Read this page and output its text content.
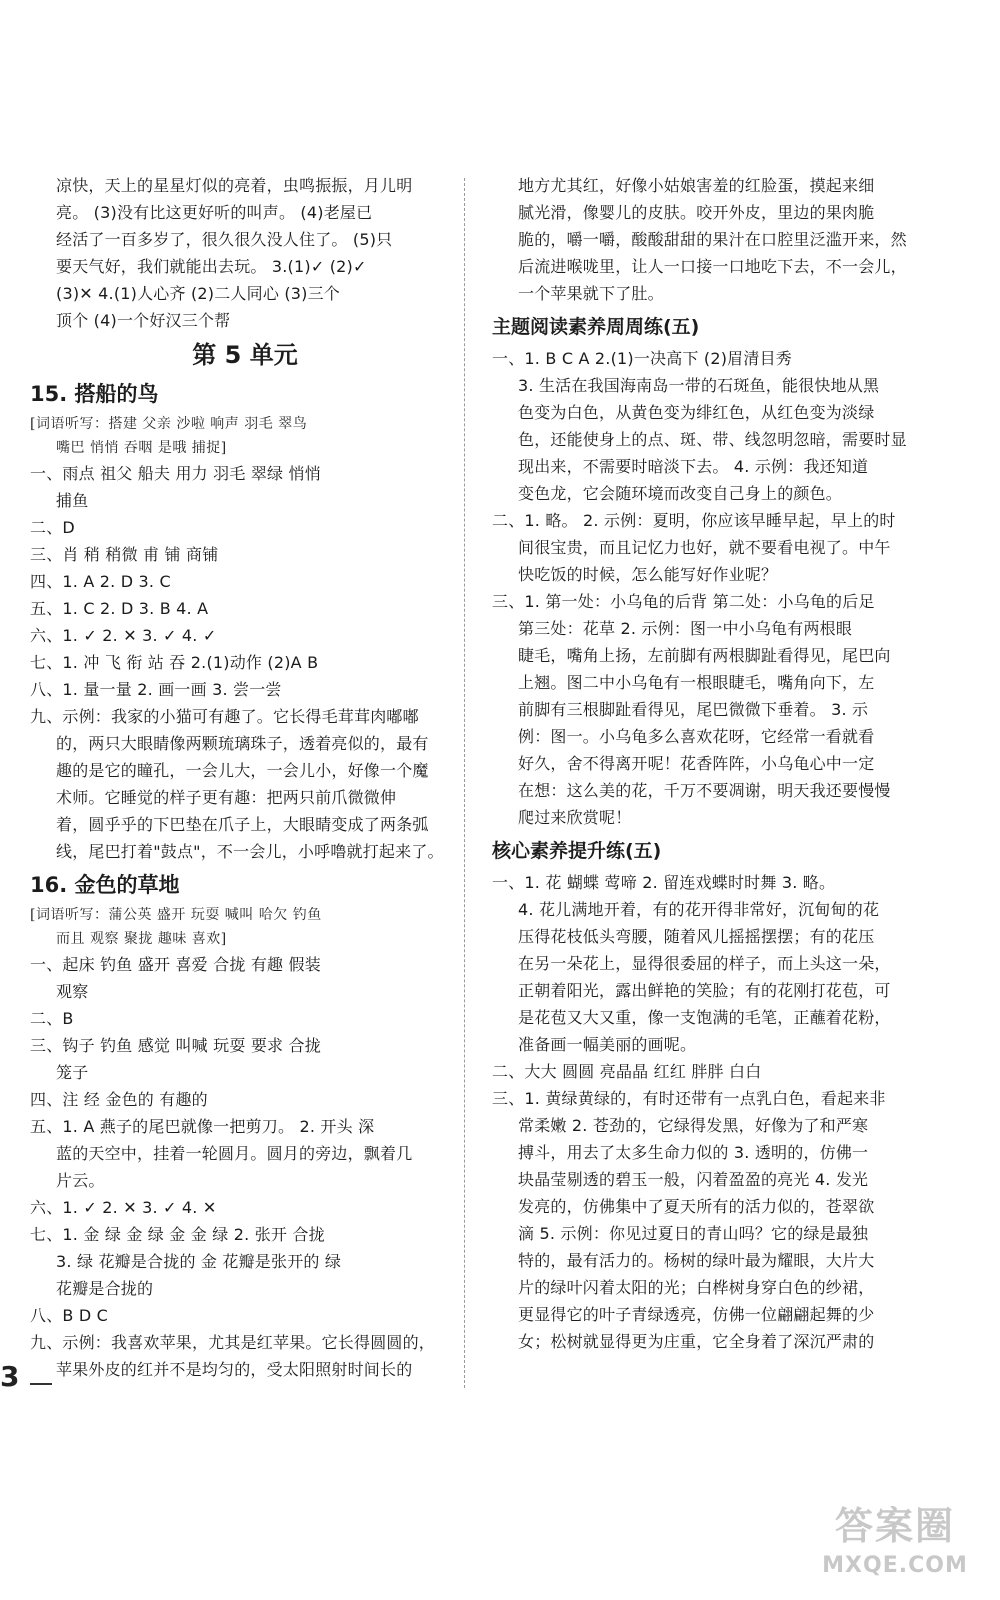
凉快，天上的星星灯似的亮着，虫鸣振振，月儿明
亮。 (3)没有比这更好听的叫声。 (4)老屋已
经活了一百多岁了，很久很久没人住了。 (5)只
要天气好，我们就能出去玩。 3.(1)✓ (2)✓
(3)✕ 4.(1)人心齐 (2)二人同心 (3)三个
顶个 (4)一个好汉三个帮
第 5 单元
15. 搭船的鸟
[词语听写：搭建 父亲 沙啦 响声 羽毛 翠鸟
嘴巴 悄悄 吞咽 是哦 捕捉]
一、雨点 祖父 船夫 用力 羽毛 翠绿 悄悄
捕鱼
二、D
三、肖 稍 稍微 甫 铺 商铺
四、1. A 2. D 3. C
五、1. C 2. D 3. B 4. A
六、1. ✓ 2. ✕ 3. ✓ 4. ✓
七、1. 冲 飞 衔 站 吞 2.(1)动作 (2)A B
八、1. 量一量 2. 画一画 3. 尝一尝
九、示例：我家的小猫可有趣了。它长得毛茸茸肉嘟嘟
的，两只大眼睛像两颗琉璃珠子，透着亮似的，最有
趣的是它的瞳孔，一会儿大，一会儿小，好像一个魔
术师。它睡觉的样子更有趣：把两只前爪微微伸
着，圆乎乎的下巴垫在爪子上，大眼睛变成了两条弧
线，尾巴打着"鼓点"，不一会儿，小呼噜就打起来了。
16. 金色的草地
[词语听写：蒲公英 盛开 玩耍 喊叫 哈欠 钓鱼
而且 观察 聚拢 趣味 喜欢]
一、起床 钓鱼 盛开 喜爱 合拢 有趣 假装
观察
二、B
三、钩子 钓鱼 感觉 叫喊 玩耍 要求 合拢
笼子
四、注 经 金色的 有趣的
五、1. A 燕子的尾巴就像一把剪刀。 2. 开头 深
蓝的天空中，挂着一轮圆月。圆月的旁边，飘着几
片云。
六、1. ✓ 2. ✕ 3. ✓ 4. ✕
七、1. 金 绿 金 绿 金 金 绿 2. 张开 合拢
3. 绿 花瓣是合拢的 金 花瓣是张开的 绿
花瓣是合拢的
八、B D C
九、示例：我喜欢苹果，尤其是红苹果。它长得圆圆的，
苹果外皮的红并不是均匀的，受太阳照射时间长的
地方尤其红，好像小姑娘害羞的红脸蛋，摸起来细
腻光滑，像婴儿的皮肤。咬开外皮，里边的果肉脆
脆的，嚼一嚼，酸酸甜甜的果汁在口腔里泛滥开来，然
后流进喉咙里，让人一口接一口地吃下去，不一会儿，
一个苹果就下了肚。
主题阅读素养周周练(五)
一、1. B C A 2.(1)一决高下 (2)眉清目秀
3. 生活在我国海南岛一带的石斑鱼，能很快地从黑
色变为白色，从黄色变为绯红色，从红色变为淡绿
色，还能使身上的点、斑、带、线忽明忽暗，需要时显
现出来，不需要时暗淡下去。 4. 示例：我还知道
变色龙，它会随环境而改变自己身上的颜色。
二、1. 略。 2. 示例：夏明，你应该早睡早起，早上的时
间很宝贵，而且记忆力也好，就不要看电视了。中午
快吃饭的时候，怎么能写好作业呢？
三、1. 第一处：小乌龟的后背 第二处：小乌龟的后足
第三处：花草 2. 示例：图一中小乌龟有两根眼
睫毛，嘴角上扬，左前脚有两根脚趾看得见，尾巴向
上翘。图二中小乌龟有一根眼睫毛，嘴角向下，左
前脚有三根脚趾看得见，尾巴微微下垂着。 3. 示
例：图一。小乌龟多么喜欢花呀，它经常一看就看
好久，舍不得离开呢！花香阵阵，小乌龟心中一定
在想：这么美的花，千万不要凋谢，明天我还要慢慢
爬过来欣赏呢！
核心素养提升练(五)
一、1. 花 蝴蝶 莺啼 2. 留连戏蝶时时舞 3. 略。
4. 花儿满地开着，有的花开得非常好，沉甸甸的花
压得花枝低头弯腰，随着风儿摇摇摆摆；有的花压
在另一朵花上，显得很委屈的样子，而上头这一朵，
正朝着阳光，露出鲜艳的笑脸；有的花刚打花苞，可
是花苞又大又重，像一支饱满的毛笔，正蘸着花粉，
准备画一幅美丽的画呢。
二、大大 圆圆 亮晶晶 红红 胖胖 白白
三、1. 黄绿黄绿的，有时还带有一点乳白色，看起来非
常柔嫩 2. 苍劲的，它绿得发黑，好像为了和严寒
搏斗，用去了太多生命力似的 3. 透明的，仿佛一
块晶莹剔透的碧玉一般，闪着盈盈的亮光 4. 发光
发亮的，仿佛集中了夏天所有的活力似的，苍翠欲
滴 5. 示例：你见过夏日的青山吗？它的绿是最独
特的，最有活力的。杨树的绿叶最为耀眼，大片大
片的绿叶闪着太阳的光；白桦树身穿白色的纱裙，
更显得它的叶子青绿透亮，仿佛一位翩翩起舞的少
女；松树就显得更为庄重，它全身着了深沉严肃的
3
答案圈
MXQE.COM
